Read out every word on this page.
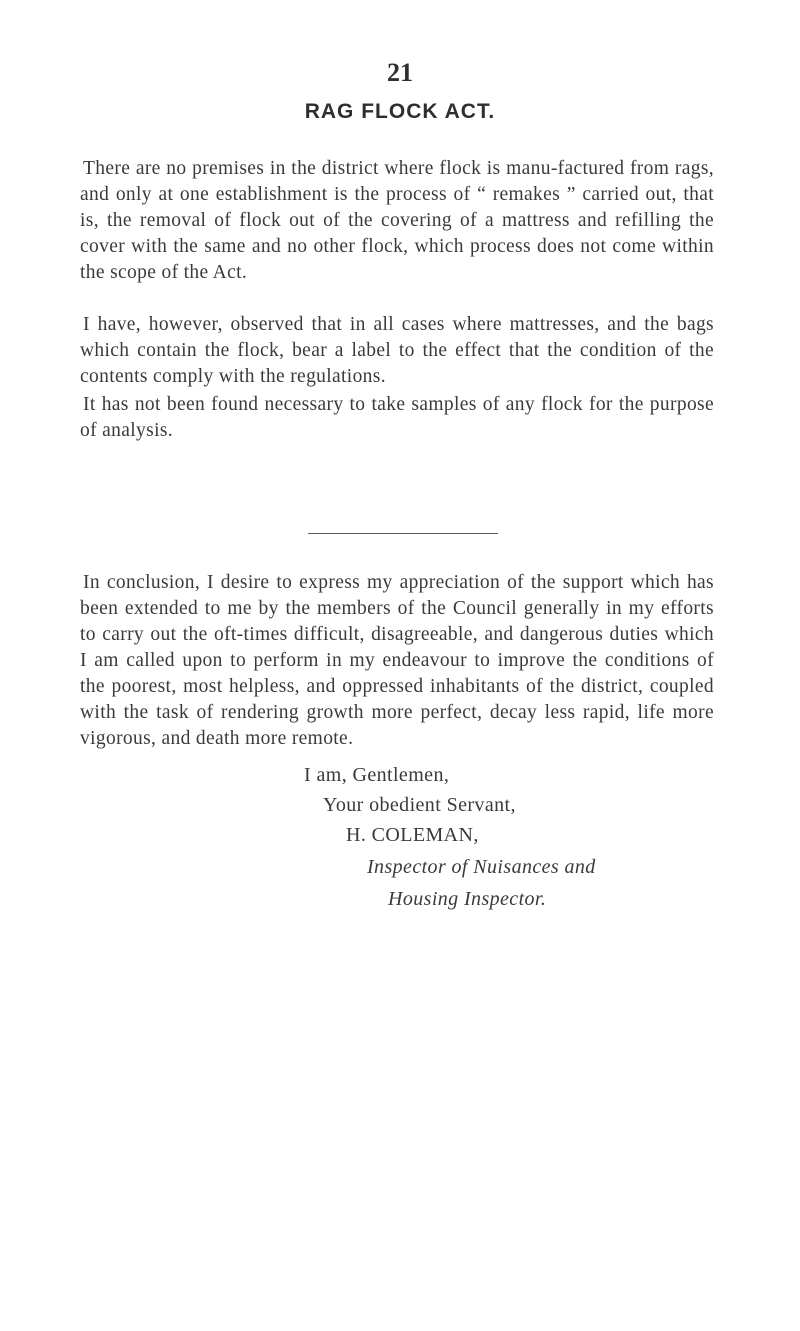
21
RAG FLOCK ACT.

There are no premises in the district where flock is manu-factured from rags, and only at one establishment is the process of “ remakes ” carried out, that is, the removal of flock out of the covering of a mattress and refilling the cover with the same and no other flock, which process does not come within the scope of the Act.

I have, however, observed that in all cases where mattresses, and the bags which contain the flock, bear a label to the effect that the condition of the contents comply with the regulations.

It has not been found necessary to take samples of any flock for the purpose of analysis.

In conclusion, I desire to express my appreciation of the support which has been extended to me by the members of the Council generally in my efforts to carry out the oft-times difficult, disagreeable, and dangerous duties which I am called upon to perform in my endeavour to improve the conditions of the poorest, most helpless, and oppressed inhabitants of the district, coupled with the task of rendering growth more perfect, decay less rapid, life more vigorous, and death more remote.

I am, Gentlemen,
Your obedient Servant,
H. COLEMAN,
Inspector of Nuisances and
Housing Inspector.
